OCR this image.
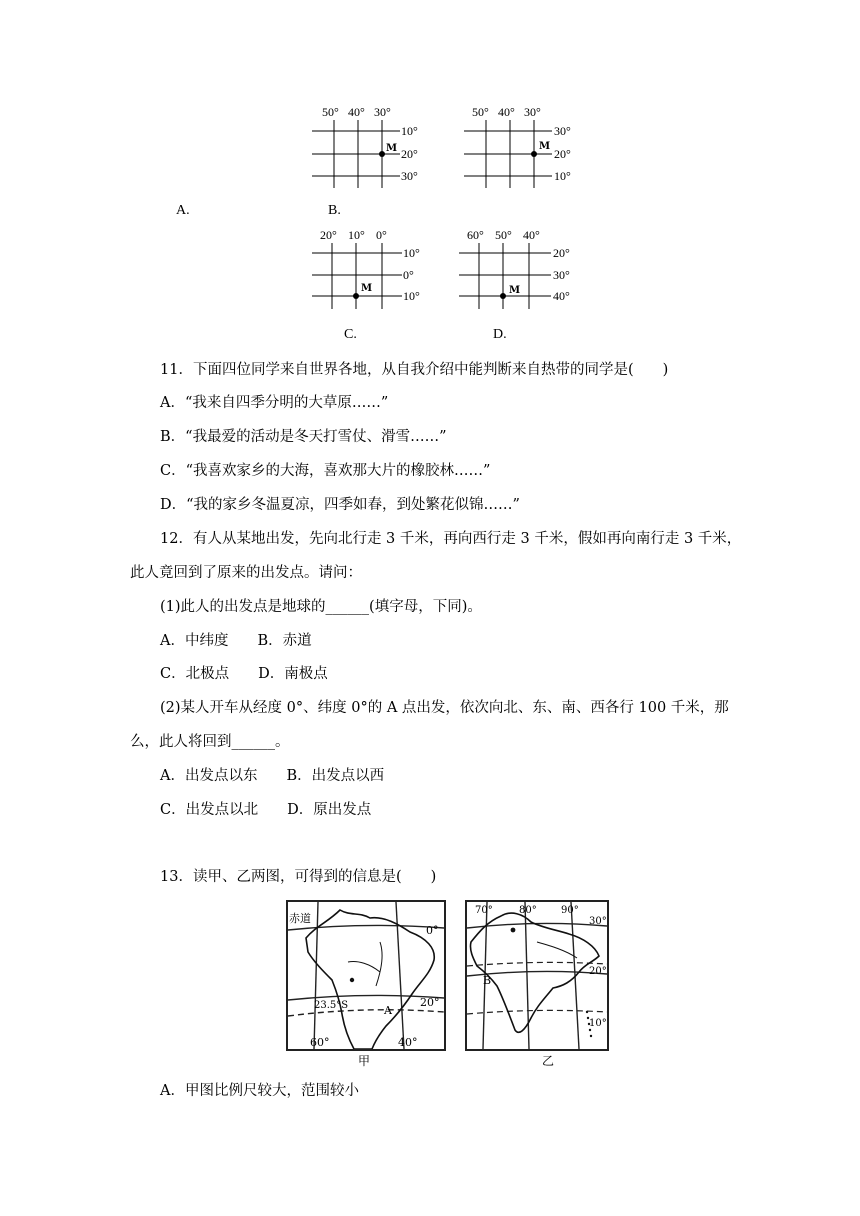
50° 40° 30°
M
10°
20°
30°
50° 40° 30°
M
30°
20°
10°
A.	B.
20° 10° 0°
M
10°
0°
10°
60° 50° 40°
M
20°
30°
40°
C.	D.
11．下面四位同学来自世界各地，从自我介绍中能判断来自热带的同学是(　　)
A．“我来自四季分明的大草原……”
B．“我最爱的活动是冬天打雪仗、滑雪……”
C．“我喜欢家乡的大海，喜欢那大片的橡胶林……”
D．“我的家乡冬温夏凉，四季如春，到处繁花似锦……”
12．有人从某地出发，先向北行走 3 千米，再向西行走 3 千米，假如再向南行走 3 千米，
此人竟回到了原来的出发点。请问：
(1)此人的出发点是地球的______(填字母，下同)。
A．中纬度　　B．赤道
C．北极点　　D．南极点
(2)某人开车从经度 0°、纬度 0°的 A 点出发，依次向北、东、南、西各行 100 千米，那
么，此人将回到______。
A．出发点以东　　B．出发点以西
C．出发点以北　　D．原出发点
13．读甲、乙两图，可得到的信息是(　　)
赤道
0°
23.5°S	20°
A
60°	40°
甲
70°	80° 90°
30°
20°
10°
B
乙
A．甲图比例尺较大，范围较小
